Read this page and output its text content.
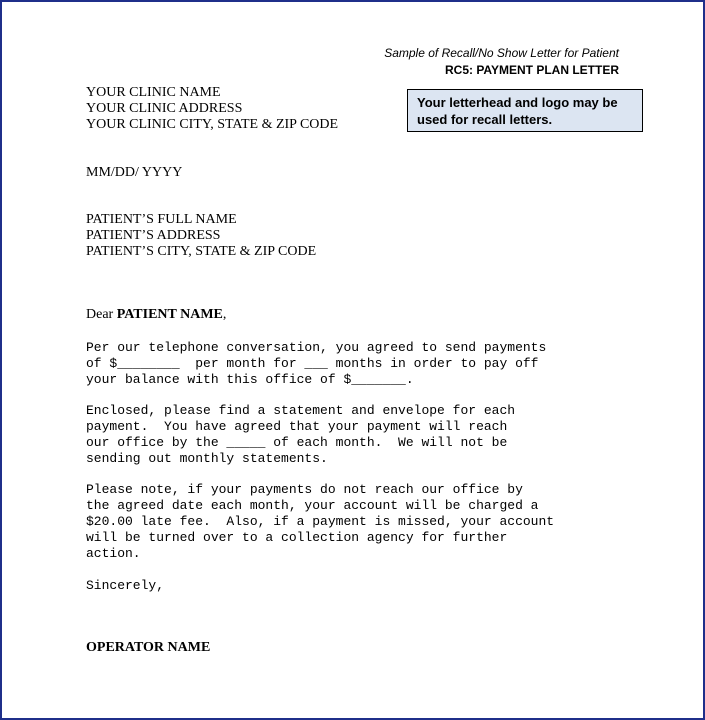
Sample of Recall/No Show Letter for Patient
RC5: PAYMENT PLAN LETTER
Your letterhead and logo may be used for recall letters.
YOUR CLINIC NAME
YOUR CLINIC ADDRESS
YOUR CLINIC CITY, STATE & ZIP CODE
MM/DD/ YYYY
PATIENT’S FULL NAME
PATIENT’S ADDRESS
PATIENT’S CITY, STATE & ZIP CODE
Dear PATIENT NAME,
Per our telephone conversation, you agreed to send payments
of $________  per month for ___ months in order to pay off
your balance with this office of $_______.
Enclosed, please find a statement and envelope for each
payment.  You have agreed that your payment will reach
our office by the _____ of each month.  We will not be
sending out monthly statements.
Please note, if your payments do not reach our office by
the agreed date each month, your account will be charged a
$20.00 late fee.  Also, if a payment is missed, your account
will be turned over to a collection agency for further
action.
Sincerely,
OPERATOR NAME
